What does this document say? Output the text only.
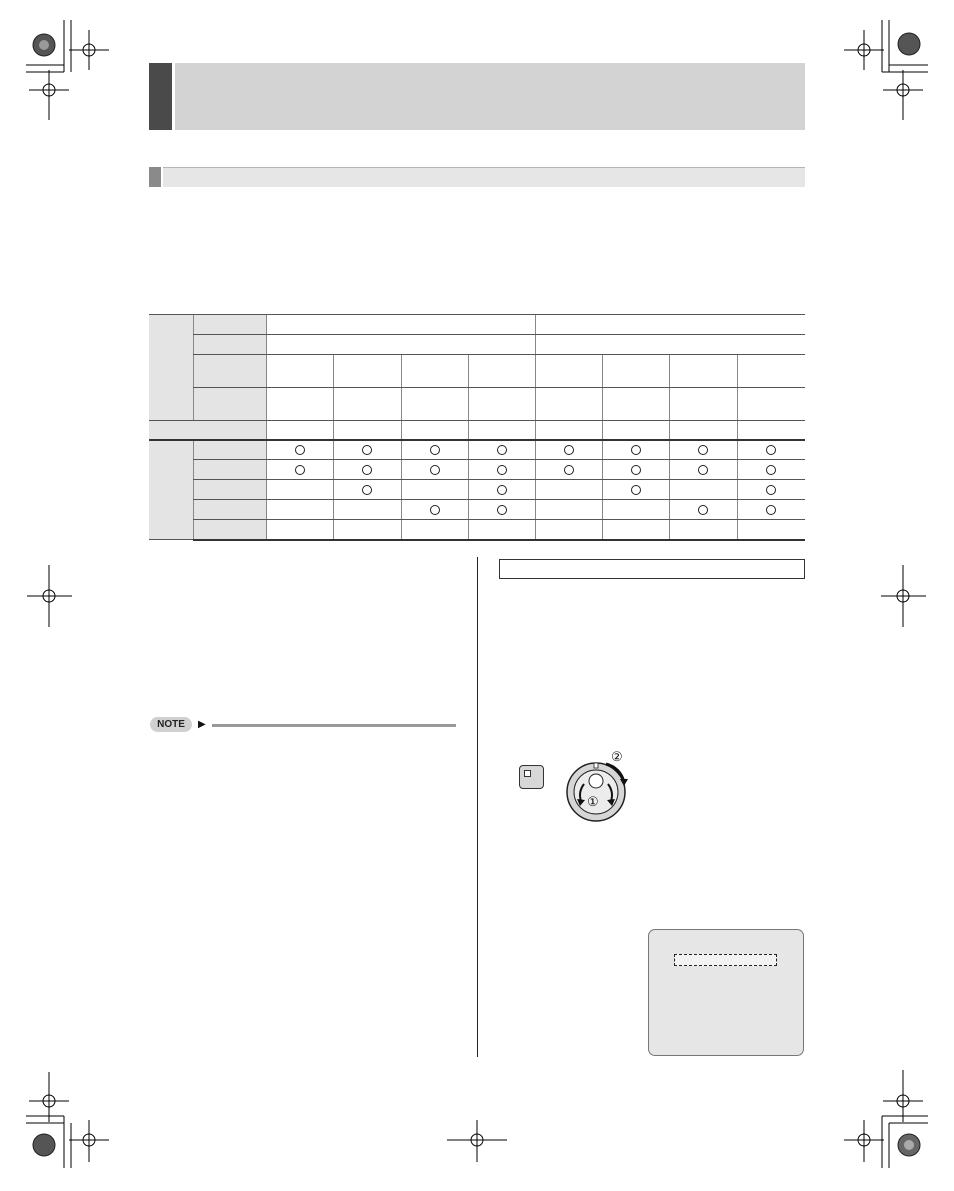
NOTE	▶
①
②
